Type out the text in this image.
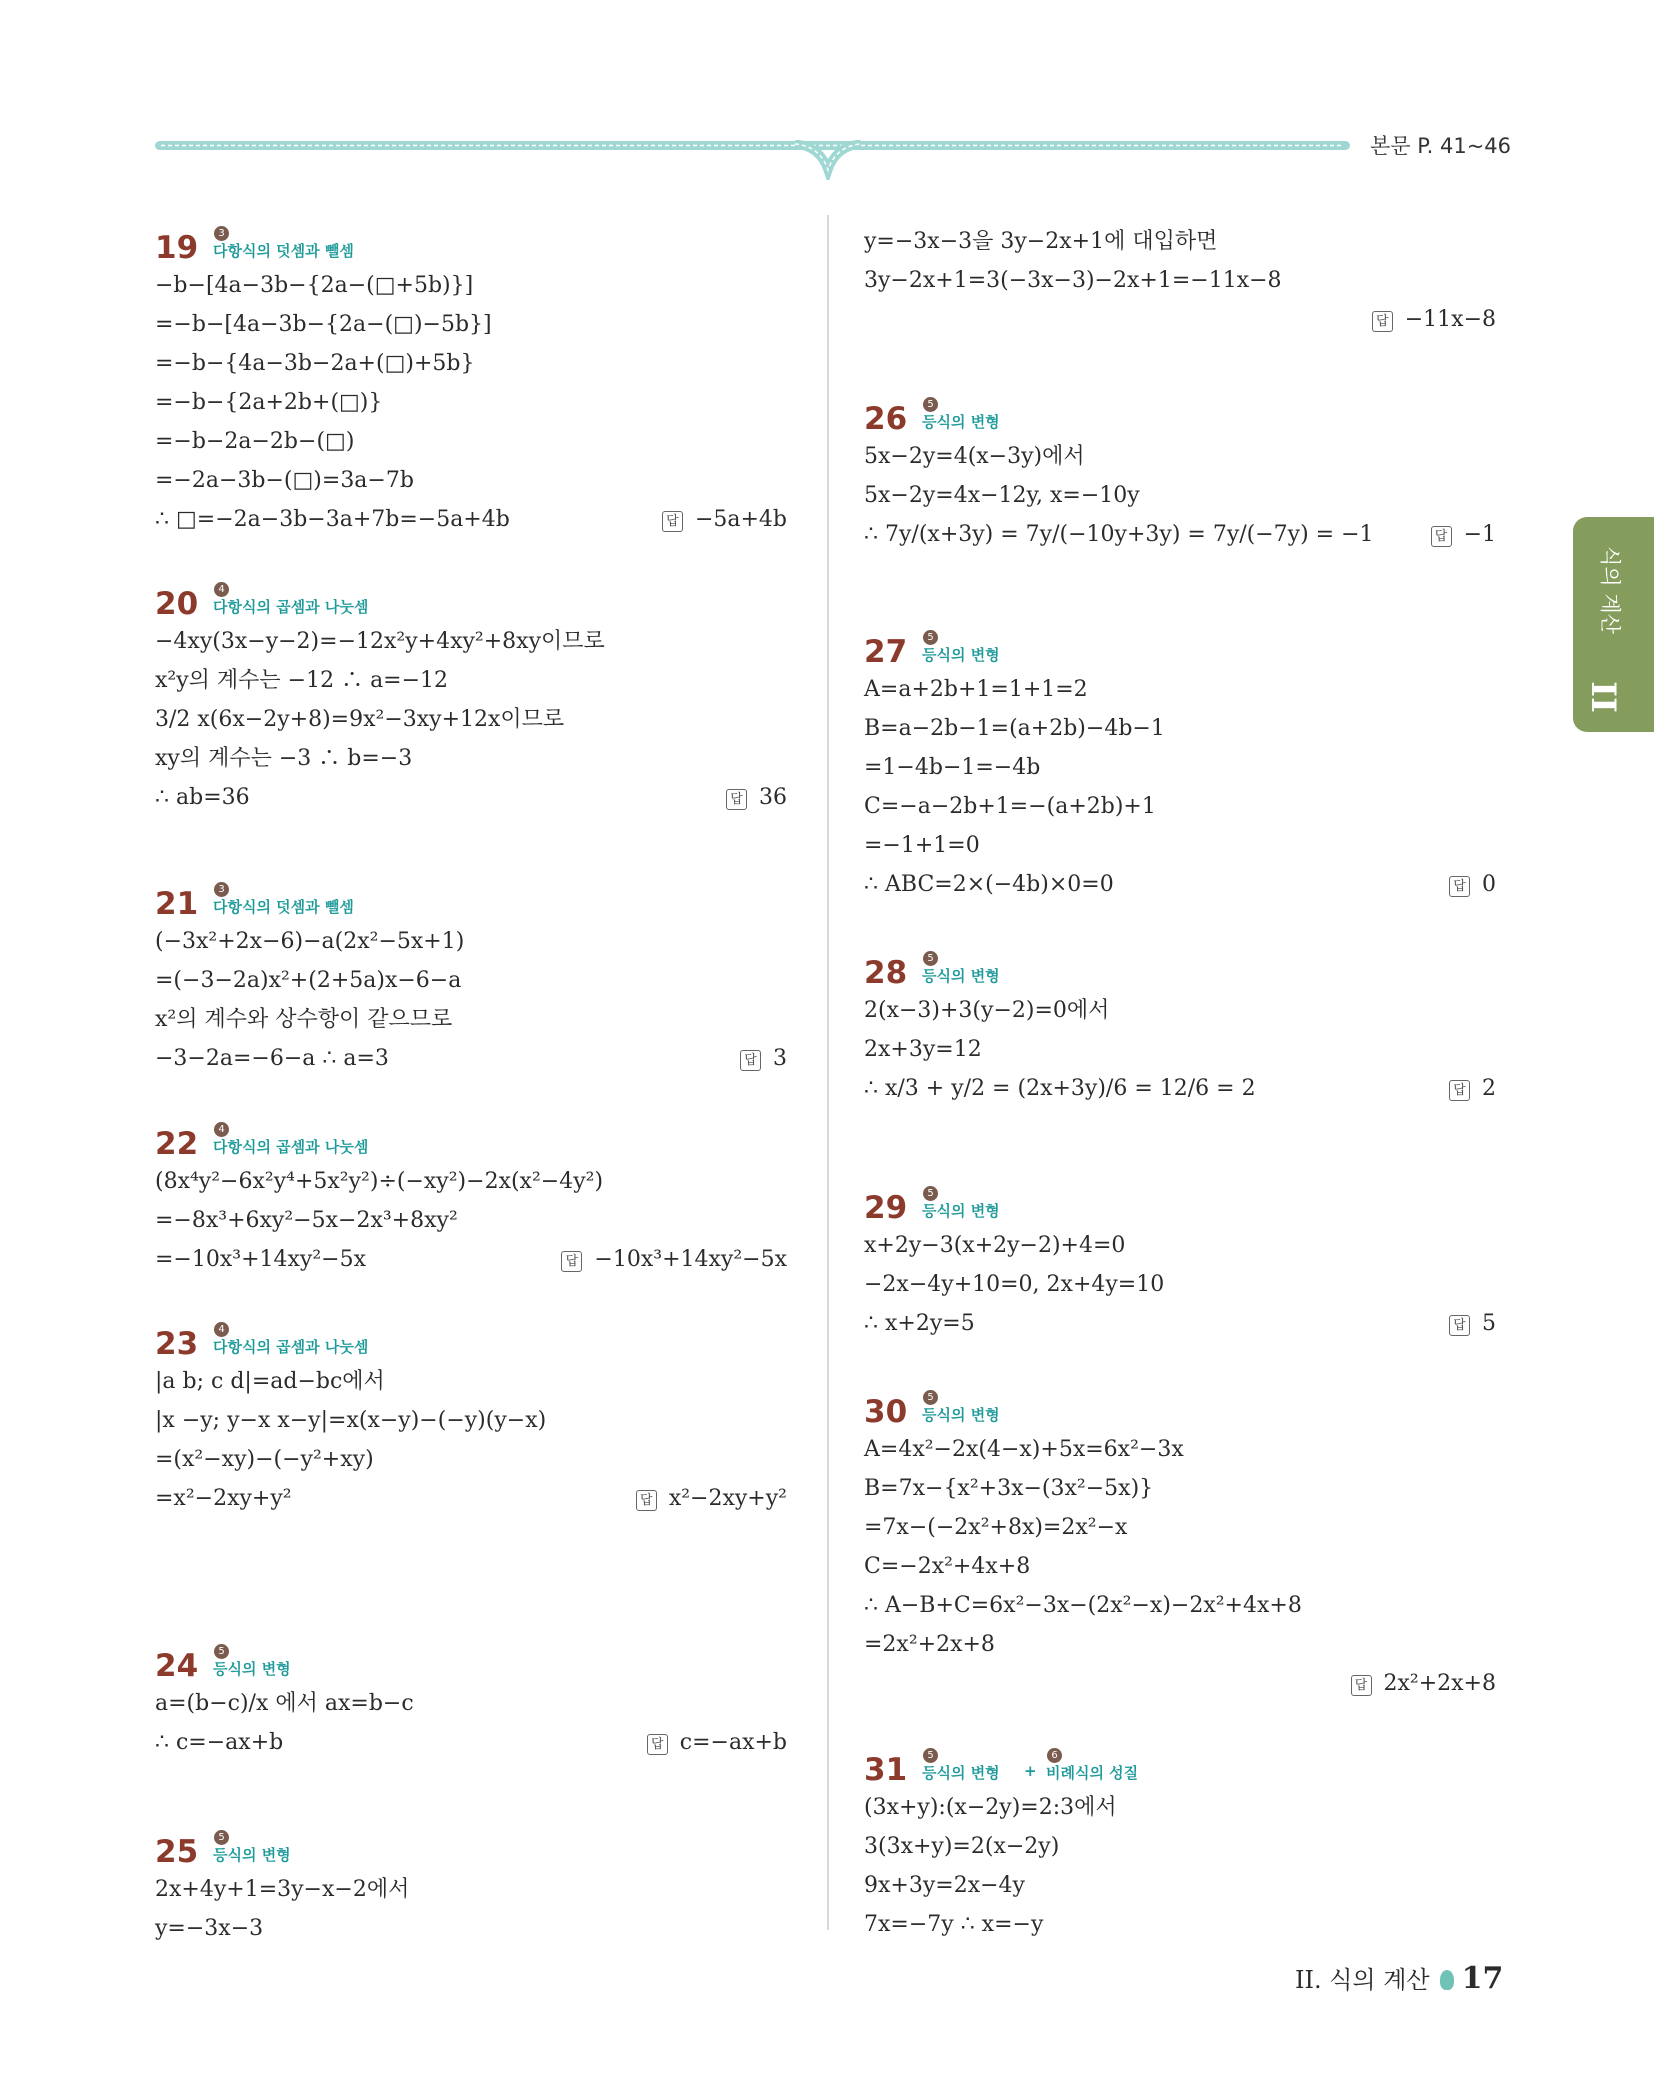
본문 P. 41~46
식의 계산
II
19	3
다항식의 덧셈과 뺄셈
−b−[4a−3b−{2a−(□+5b)}]
=−b−[4a−3b−{2a−(□)−5b}]
=−b−{4a−3b−2a+(□)+5b}
=−b−{2a+2b+(□)}
=−b−2a−2b−(□)
=−2a−3b−(□)=3a−7b
∴ □=−2a−3b−3a+7b=−5a+4b	답 −5a+4b
20	4
다항식의 곱셈과 나눗셈
−4xy(3x−y−2)=−12x²y+4xy²+8xy이므로
x²y의 계수는 −12 ∴ a=−12
3/2 x(6x−2y+8)=9x²−3xy+12x이므로
xy의 계수는 −3 ∴ b=−3
∴ ab=36	답 36
21	3
다항식의 덧셈과 뺄셈
(−3x²+2x−6)−a(2x²−5x+1)
=(−3−2a)x²+(2+5a)x−6−a
x²의 계수와 상수항이 같으므로
−3−2a=−6−a ∴ a=3	답 3
22	4
다항식의 곱셈과 나눗셈
(8x⁴y²−6x²y⁴+5x²y²)÷(−xy²)−2x(x²−4y²)
=−8x³+6xy²−5x−2x³+8xy²
=−10x³+14xy²−5x	답 −10x³+14xy²−5x
23	4
다항식의 곱셈과 나눗셈
|a b; c d|=ad−bc에서
|x −y; y−x x−y|=x(x−y)−(−y)(y−x)
=(x²−xy)−(−y²+xy)
=x²−2xy+y²	답 x²−2xy+y²
24	5
등식의 변형
a=(b−c)/x 에서 ax=b−c
∴ c=−ax+b	답 c=−ax+b
25	5
등식의 변형
2x+4y+1=3y−x−2에서
y=−3x−3
y=−3x−3을 3y−2x+1에 대입하면
3y−2x+1=3(−3x−3)−2x+1=−11x−8
답 −11x−8
26	5
등식의 변형
5x−2y=4(x−3y)에서
5x−2y=4x−12y, x=−10y
∴ 7y/(x+3y) = 7y/(−10y+3y) = 7y/(−7y) = −1	답 −1
27	5
등식의 변형
A=a+2b+1=1+1=2
B=a−2b−1=(a+2b)−4b−1
=1−4b−1=−4b
C=−a−2b+1=−(a+2b)+1
=−1+1=0
∴ ABC=2×(−4b)×0=0	답 0
28	5
등식의 변형
2(x−3)+3(y−2)=0에서
2x+3y=12
∴ x/3 + y/2 = (2x+3y)/6 = 12/6 = 2	답 2
29	5
등식의 변형
x+2y−3(x+2y−2)+4=0
−2x−4y+10=0, 2x+4y=10
∴ x+2y=5	답 5
30	5
등식의 변형
A=4x²−2x(4−x)+5x=6x²−3x
B=7x−{x²+3x−(3x²−5x)}
=7x−(−2x²+8x)=2x²−x
C=−2x²+4x+8
∴ A−B+C=6x²−3x−(2x²−x)−2x²+4x+8
=2x²+2x+8
답 2x²+2x+8
31	5
등식의 변형 +
6
비례식의 성질
(3x+y):(x−2y)=2:3에서
3(3x+y)=2(x−2y)
9x+3y=2x−4y
7x=−7y ∴ x=−y
II. 식의 계산 17
